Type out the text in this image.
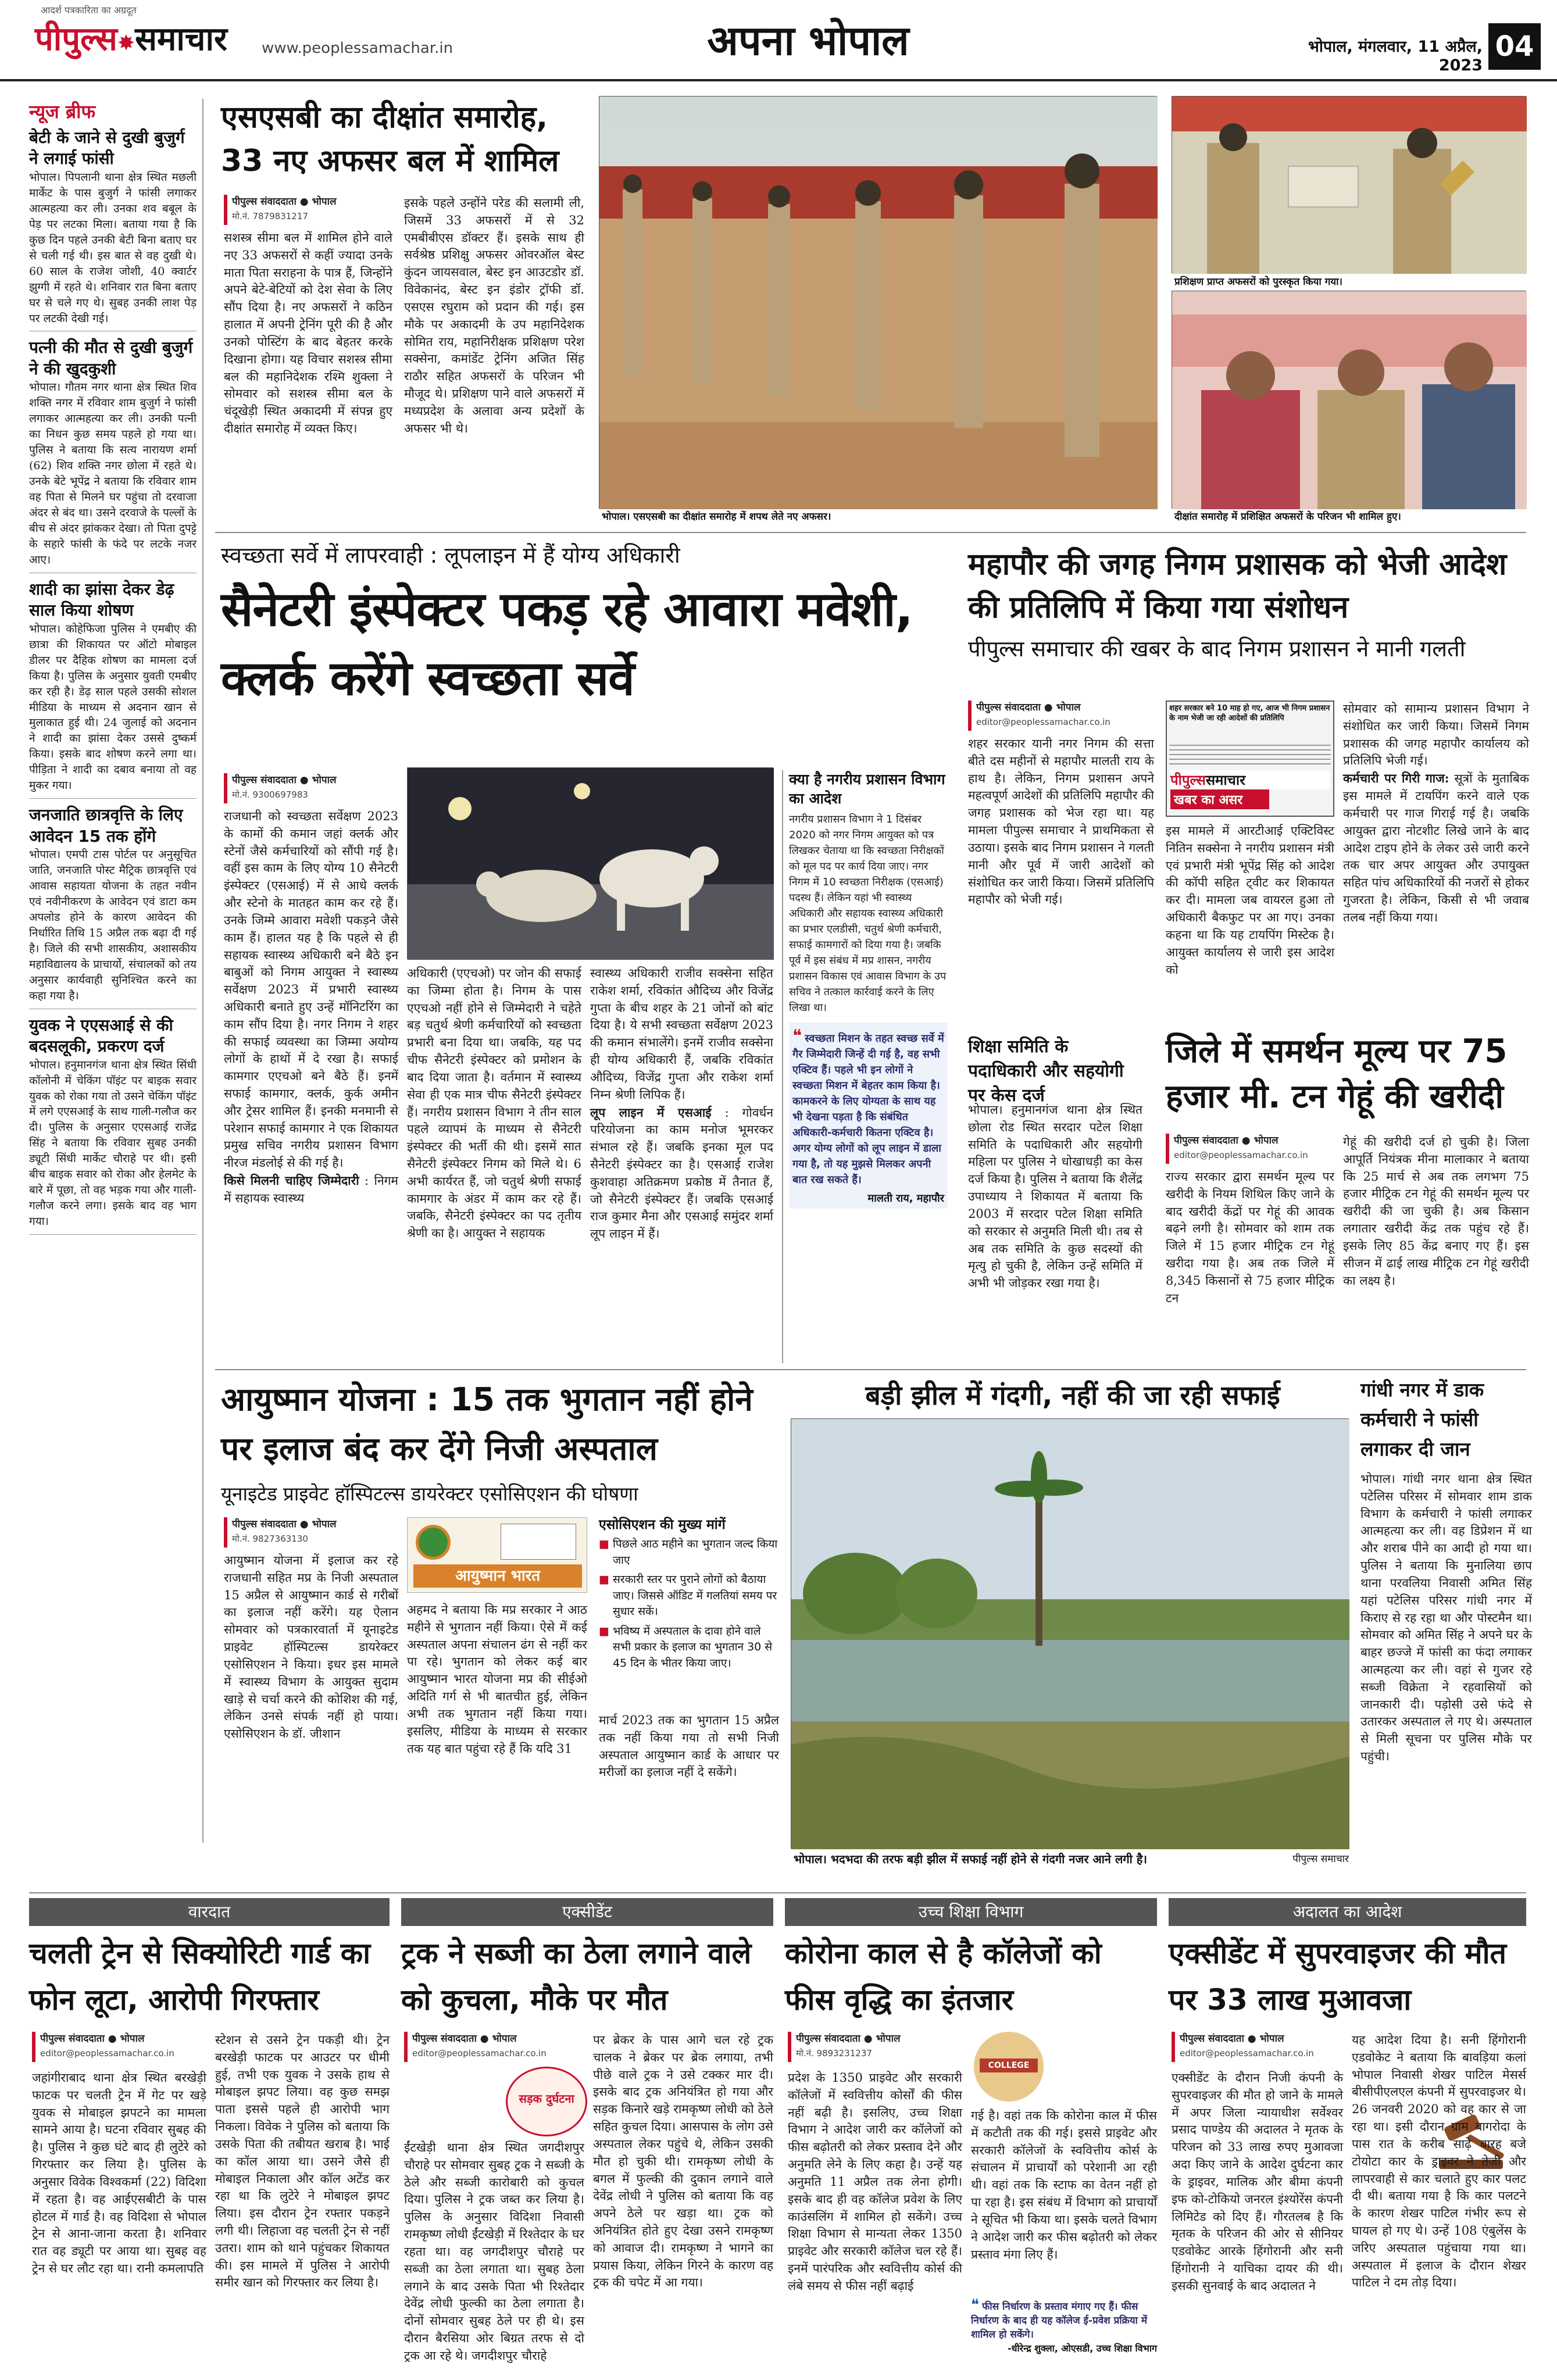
आदर्श पत्रकारिता का अग्रदूत
पीपुल्स✸समाचार	www.peoplessamachar.in	अपना भोपाल	भोपाल, मंगलवार, 11 अप्रैल, 2023
04
न्यूज ब्रीफ
बेटी के जाने से दुखी बुजुर्ग ने लगाई फांसी
भोपाल। पिपलानी थाना क्षेत्र स्थित मछली मार्केट के पास बुजुर्ग ने फांसी लगाकर आत्महत्या कर ली। उनका शव बबूल के पेड़ पर लटका मिला। बताया गया है कि कुछ दिन पहले उनकी बेटी बिना बताए घर से चली गई थी। इस बात से वह दुखी थे। 60 साल के राजेश जोशी, 40 क्वार्टर झुग्गी में रहते थे। शनिवार रात बिना बताए घर से चले गए थे। सुबह उनकी लाश पेड़ पर लटकी देखी गई।
पत्नी की मौत से दुखी बुजुर्ग ने की खुदकुशी
भोपाल। गौतम नगर थाना क्षेत्र स्थित शिव शक्ति नगर में रविवार शाम बुजुर्ग ने फांसी लगाकर आत्महत्या कर ली। उनकी पत्नी का निधन कुछ समय पहले हो गया था। पुलिस ने बताया कि सत्य नारायण शर्मा (62) शिव शक्ति नगर छोला में रहते थे। उनके बेटे भूपेंद्र ने बताया कि रविवार शाम वह पिता से मिलने घर पहुंचा तो दरवाजा अंदर से बंद था। उसने दरवाजे के पल्लों के बीच से अंदर झांककर देखा। तो पिता दुपट्टे के सहारे फांसी के फंदे पर लटके नजर आए।
शादी का झांसा देकर डेढ़ साल किया शोषण
भोपाल। कोहेफिजा पुलिस ने एमबीए की छात्रा की शिकायत पर ऑटो मोबाइल डीलर पर दैहिक शोषण का मामला दर्ज किया है। पुलिस के अनुसार युवती एमबीए कर रही है। डेढ़ साल पहले उसकी सोशल मीडिया के माध्यम से अदनान खान से मुलाकात हुई थी। 24 जुलाई को अदनान ने शादी का झांसा देकर उससे दुष्कर्म किया। इसके बाद शोषण करने लगा था। पीड़िता ने शादी का दबाव बनाया तो वह मुकर गया।
जनजाति छात्रवृत्ति के लिए आवेदन 15 तक होंगे
भोपाल। एमपी टास पोर्टल पर अनुसूचित जाति, जनजाति पोस्ट मैट्रिक छात्रवृत्ति एवं आवास सहायता योजना के तहत नवीन एवं नवीनीकरण के आवेदन एवं डाटा कम अपलोड होने के कारण आवेदन की निर्धारित तिथि 15 अप्रैल तक बढ़ा दी गई है। जिले की सभी शासकीय, अशासकीय महाविद्यालय के प्राचार्यो, संचालकों को तय अनुसार कार्यवाही सुनिश्चित करने का कहा गया है।
युवक ने एएसआई से की बदसलूकी, प्रकरण दर्ज
भोपाल। हनुमानगंज थाना क्षेत्र स्थित सिंधी कॉलोनी में चेकिंग पॉइंट पर बाइक सवार युवक को रोका गया तो उसने चेकिंग पॉइंट में लगे एएसआई के साथ गाली-गलौज कर दी। पुलिस के अनुसार एएसआई राजेंद्र सिंह ने बताया कि रविवार सुबह उनकी ड्यूटी सिंधी मार्केट चौराहे पर थी। इसी बीच बाइक सवार को रोका और हेलमेट के बारे में पूछा, तो वह भड़क गया और गाली-गलौज करने लगा। इसके बाद वह भाग गया।
एसएसबी का दीक्षांत समारोह, 33 नए अफसर बल में शामिल
पीपुल्स संवाददाता ● भोपाल
मो.नं. 7879831217
सशस्त्र सीमा बल में शामिल होने वाले नए 33 अफसरों से कहीं ज्यादा उनके माता पिता सराहना के पात्र हैं, जिन्होंने अपने बेटे-बेटियों को देश सेवा के लिए सौंप दिया है। नए अफसरों ने कठिन हालात में अपनी ट्रेनिंग पूरी की है और उनको पोस्टिंग के बाद बेहतर करके दिखाना होगा। यह विचार सशस्त्र सीमा बल की महानिदेशक रश्मि शुक्ला ने सोमवार को सशस्त्र सीमा बल के चंदूखेड़ी स्थित अकादमी में संपन्न हुए दीक्षांत समारोह में व्यक्त किए।
इसके पहले उन्होंने परेड की सलामी ली, जिसमें 33 अफसरों में से 32 एमबीबीएस डॉक्टर हैं। इसके साथ ही सर्वश्रेष्ठ प्रशिक्षु अफसर ओवरऑल बेस्ट कुंदन जायसवाल, बेस्ट इन आउटडोर डॉ. विवेकानंद, बेस्ट इन इंडोर ट्रॉफी डॉ. एसएस रघुराम को प्रदान की गई। इस मौके पर अकादमी के उप महानिदेशक सोमित राय, महानिरीक्षक प्रशिक्षण परेश सक्सेना, कमांडेंट ट्रेनिंग अजित सिंह राठौर सहित अफसरों के परिजन भी मौजूद थे। प्रशिक्षण पाने वाले अफसरों में मध्यप्रदेश के अलावा अन्य प्रदेशों के अफसर भी थे।
भोपाल। एसएसबी का दीक्षांत समारोह में शपथ लेते नए अफसर।
प्रशिक्षण प्राप्त अफसरों को पुरस्कृत किया गया।
दीक्षांत समारोह में प्रशिक्षित अफसरों के परिजन भी शामिल हुए।
स्वच्छता सर्वे में लापरवाही : लूपलाइन में हैं योग्य अधिकारी
सैनेटरी इंस्पेक्टर पकड़ रहे आवारा मवेशी, क्लर्क करेंगे स्वच्छता सर्वे
पीपुल्स संवाददाता ● भोपाल
मो.नं. 9300697983
राजधानी को स्वच्छता सर्वेक्षण 2023 के कामों की कमान जहां क्लर्क और स्टेनों जैसे कर्मचारियों को सौंपी गई है। वहीं इस काम के लिए योग्य 10 सैनेटरी इंस्पेक्टर (एसआई) में से आधे क्लर्क और स्टेनो के मातहत काम कर रहे हैं। उनके जिम्मे आवारा मवेशी पकड़ने जैसे काम हैं। हालत यह है कि पहले से ही सहायक स्वास्थ्य अधिकारी बने बैठे इन बाबुओं को निगम आयुक्त ने स्वास्थ्य सर्वेक्षण 2023 में प्रभारी स्वास्थ्य अधिकारी बनाते हुए उन्हें मॉनिटरिंग का काम सौंप दिया है। नगर निगम ने शहर की सफाई व्यवस्था का जिम्मा अयोग्य लोगों के हाथों में दे रखा है। सफाई कामगार एएचओ बने बैठे हैं। इनमें सफाई कामगार, क्लर्क, कुर्क अमीन और ट्रेसर शामिल हैं। इनकी मनमानी से परेशान सफाई कामगार ने एक शिकायत प्रमुख सचिव नगरीय प्रशासन विभाग नीरज मंडलोई से की गई है।
किसे मिलनी चाहिए जिम्मेदारी : निगम में सहायक स्वास्थ्य
अधिकारी (एएचओ) पर जोन की सफाई का जिम्मा होता है। निगम के पास एएचओ नहीं होने से जिम्मेदारी ने चहेते बड़ चतुर्थ श्रेणी कर्मचारियों को स्वच्छता प्रभारी बना दिया था। जबकि, यह पद चीफ सैनेटरी इंस्पेक्टर को प्रमोशन के बाद दिया जाता है। वर्तमान में स्वास्थ्य सेवा ही एक मात्र चीफ सैनेटरी इंस्पेक्टर हैं। नगरीय प्रशासन विभाग ने तीन साल पहले व्यापमं के माध्यम से सैनेटरी इंस्पेक्टर की भर्ती की थी। इसमें सात सैनेटरी इंस्पेक्टर निगम को मिले थे। 6 अभी कार्यरत हैं, जो चतुर्थ श्रेणी सफाई कामगार के अंडर में काम कर रहे हैं। जबकि, सैनेटरी इंस्पेक्टर का पद तृतीय श्रेणी का है। आयुक्त ने सहायक
स्वास्थ्य अधिकारी राजीव सक्सेना सहित राकेश शर्मा, रविकांत औदिच्य और विजेंद्र गुप्ता के बीच शहर के 21 जोनों को बांट दिया है। ये सभी स्वच्छता सर्वेक्षण 2023 की कमान संभालेंगे। इनमें राजीव सक्सेना ही योग्य अधिकारी हैं, जबकि रविकांत औदिच्य, विजेंद्र गुप्ता और राकेश शर्मा निम्न श्रेणी लिपिक हैं।
लूप लाइन में एसआई : गोवर्धन परियोजना का काम मनोज भूमरकर संभाल रहे हैं। जबकि इनका मूल पद सैनेटरी इंस्पेक्टर का है। एसआई राजेश कुशवाहा अतिक्रमण प्रकोष्ठ में तैनात हैं, जो सैनेटरी इंस्पेक्टर हैं। जबकि एसआई राज कुमार मैना और एसआई समुंदर शर्मा लूप लाइन में हैं।
क्या है नगरीय प्रशासन विभाग का आदेश
नगरीय प्रशासन विभाग ने 1 दिसंबर 2020 को नगर निगम आयुक्त को पत्र लिखकर चेताया था कि स्वच्छता निरीक्षकों को मूल पद पर कार्य दिया जाए। नगर निगम में 10 स्वच्छता निरीक्षक (एसआई) पदस्थ हैं। लेकिन यहां भी स्वास्थ्य अधिकारी और सहायक स्वास्थ्य अधिकारी का प्रभार एलडीसी, चतुर्थ श्रेणी कर्मचारी, सफाई कामगारों को दिया गया है। जबकि पूर्व में इस संबंध में मप्र शासन, नगरीय प्रशासन विकास एवं आवास विभाग के उप सचिव ने तत्काल कार्रवाई करने के लिए लिखा था।
❝ स्वच्छता मिशन के तहत स्वच्छ सर्वे में गैर जिम्मेदारी जिन्हें दी गई है, वह सभी एक्टिव हैं। पहले भी इन लोगों ने स्वच्छता मिशन में बेहतर काम किया है। कामकरने के लिए योग्यता के साथ यह भी देखना पड़ता है कि संबंधित अधिकारी-कर्मचारी कितना एक्टिव है। अगर योग्य लोगों को लूप लाइन में डाला गया है, तो यह मुझसे मिलकर अपनी बात रख सकते हैं।
मालती राय, महापौर
महापौर की जगह निगम प्रशासक को भेजी आदेश की प्रतिलिपि में किया गया संशोधन
पीपुल्स समाचार की खबर के बाद निगम प्रशासन ने मानी गलती
पीपुल्स संवाददाता ● भोपाल
editor@peoplessamachar.co.in
शहर सरकार यानी नगर निगम की सत्ता बीते दस महीनों से महापौर मालती राय के हाथ है। लेकिन, निगम प्रशासन अपने महत्वपूर्ण आदेशों की प्रतिलिपि महापौर की जगह प्रशासक को भेज रहा था। यह मामला पीपुल्स समाचार ने प्राथमिकता से उठाया। इसके बाद निगम प्रशासन ने गलती मानी और पूर्व में जारी आदेशों को संशोधित कर जारी किया। जिसमें प्रतिलिपि महापौर को भेजी गई।
शहर सरकार बने 10 माह हो गए, आज भी निगम प्रशासन के नाम भेजी जा रही आदेशों की प्रतिलिपि
पीपुल्ससमाचार
खबर का असर
इस मामले में आरटीआई एक्टिविस्ट नितिन सक्सेना ने नगरीय प्रशासन मंत्री एवं प्रभारी मंत्री भूपेंद्र सिंह को आदेश की कॉपी सहित ट्वीट कर शिकायत कर दी। मामला जब वायरल हुआ तो अधिकारी बैकफुट पर आ गए। उनका कहना था कि यह टायपिंग मिस्टेक है। आयुक्त कार्यालय से जारी इस आदेश को
सोमवार को सामान्य प्रशासन विभाग ने संशोधित कर जारी किया। जिसमें निगम प्रशासक की जगह महापौर कार्यालय को प्रतिलिपि भेजी गई।
कर्मचारी पर गिरी गाज: सूत्रों के मुताबिक इस मामले में टायपिंग करने वाले एक कर्मचारी पर गाज गिराई गई है। जबकि आयुक्त द्वारा नोटशीट लिखे जाने के बाद आदेश टाइप होने के लेकर उसे जारी करने तक चार अपर आयुक्त और उपायुक्त सहित पांच अधिकारियों की नजरों से होकर गुजरता है। लेकिन, किसी से भी जवाब तलब नहीं किया गया।
शिक्षा समिति के पदाधिकारी और सहयोगी पर केस दर्ज
भोपाल। हनुमानगंज थाना क्षेत्र स्थित छोला रोड स्थित सरदार पटेल शिक्षा समिति के पदाधिकारी और सहयोगी महिला पर पुलिस ने धोखाधड़ी का केस दर्ज किया है। पुलिस ने बताया कि शैलेंद्र उपाध्याय ने शिकायत में बताया कि 2003 में सरदार पटेल शिक्षा समिति को सरकार से अनुमति मिली थी। तब से अब तक समिति के कुछ सदस्यों की मृत्यु हो चुकी है, लेकिन उन्हें समिति में अभी भी जोड़कर रखा गया है।
जिले में समर्थन मूल्य पर 75 हजार मी. टन गेहूं की खरीदी
पीपुल्स संवाददाता ● भोपाल
editor@peoplessamachar.co.in
राज्य सरकार द्वारा समर्थन मूल्य पर खरीदी के नियम शिथिल किए जाने के बाद खरीदी केंद्रों पर गेहूं की आवक बढ़ने लगी है। सोमवार को शाम तक जिले में 15 हजार मीट्रिक टन गेहूं खरीदा गया है। अब तक जिले में 8,345 किसानों से 75 हजार मीट्रिक टन
गेहूं की खरीदी दर्ज हो चुकी है। जिला आपूर्ति नियंत्रक मीना मालाकार ने बताया कि 25 मार्च से अब तक लगभग 75 हजार मीट्रिक टन गेहूं की समर्थन मूल्य पर खरीदी की जा चुकी है। अब किसान लगातार खरीदी केंद्र तक पहुंच रहे हैं। इसके लिए 85 केंद्र बनाए गए हैं। इस सीजन में ढाई लाख मीट्रिक टन गेहूं खरीदी का लक्ष्य है।
आयुष्मान योजना : 15 तक भुगतान नहीं होने पर इलाज बंद कर देंगे निजी अस्पताल
यूनाइटेड प्राइवेट हॉस्पिटल्स डायरेक्टर एसोसिएशन की घोषणा
पीपुल्स संवाददाता ● भोपाल
मो.नं. 9827363130
आयुष्मान भारत
आयुष्मान योजना में इलाज कर रहे राजधानी सहित मप्र के निजी अस्पताल 15 अप्रैल से आयुष्मान कार्ड से गरीबों का इलाज नहीं करेंगे। यह ऐलान सोमवार को पत्रकारवार्ता में यूनाइटेड प्राइवेट हॉस्पिटल्स डायरेक्टर एसोसिएशन ने किया। इधर इस मामले में स्वास्थ्य विभाग के आयुक्त सुदाम खाड़े से चर्चा करने की कोशिश की गई, लेकिन उनसे संपर्क नहीं हो पाया। एसोसिएशन के डॉ. जीशान
अहमद ने बताया कि मप्र सरकार ने आठ महीने से भुगतान नहीं किया। ऐसे में कई अस्पताल अपना संचालन ढंग से नहीं कर पा रहे। भुगतान को लेकर कई बार आयुष्मान भारत योजना मप्र की सीईओ अदिति गर्ग से भी बातचीत हुई, लेकिन अभी तक भुगतान नहीं किया गया। इसलिए, मीडिया के माध्यम से सरकार तक यह बात पहुंचा रहे हैं कि यदि 31
एसोसिएशन की मुख्य मांगें
■ पिछले आठ महीने का भुगतान जल्द किया जाए
■ सरकारी स्तर पर पुराने लोगों को बैठाया जाए। जिससे ऑडिट में गलतियां समय पर सुधार सकें।
■ भविष्य में अस्पताल के दावा होने वाले सभी प्रकार के इलाज का भुगतान 30 से 45 दिन के भीतर किया जाए।
मार्च 2023 तक का भुगतान 15 अप्रैल तक नहीं किया गया तो सभी निजी अस्पताल आयुष्मान कार्ड के आधार पर मरीजों का इलाज नहीं दे सकेंगे।
बड़ी झील में गंदगी, नहीं की जा रही सफाई
भोपाल। भदभदा की तरफ बड़ी झील में सफाई नहीं होने से गंदगी नजर आने लगी है।	पीपुल्स समाचार
गांधी नगर में डाक कर्मचारी ने फांसी लगाकर दी जान
भोपाल। गांधी नगर थाना क्षेत्र स्थित पटेलिस परिसर में सोमवार शाम डाक विभाग के कर्मचारी ने फांसी लगाकर आत्महत्या कर ली। वह डिप्रेशन में था और शराब पीने का आदी हो गया था। पुलिस ने बताया कि मुनालिया छाप थाना परवलिया निवासी अमित सिंह यहां पटेलिस परिसर गांधी नगर में किराए से रह रहा था और पोस्टमैन था। सोमवार को अमित सिंह ने अपने घर के बाहर छज्जे में फांसी का फंदा लगाकर आत्महत्या कर ली। वहां से गुजर रहे सब्जी विक्रेता ने रहवासियों को जानकारी दी। पड़ोसी उसे फंदे से उतारकर अस्पताल ले गए थे। अस्पताल से मिली सूचना पर पुलिस मौके पर पहुंची।
वारदात
चलती ट्रेन से सिक्योरिटी गार्ड का फोन लूटा, आरोपी गिरफ्तार
पीपुल्स संवाददाता ● भोपाल
editor@peoplessamachar.co.in
जहांगीराबाद थाना क्षेत्र स्थित बरखेड़ी फाटक पर चलती ट्रेन में गेट पर खड़े युवक से मोबाइल झपटने का मामला सामने आया है। घटना रविवार सुबह की है। पुलिस ने कुछ घंटे बाद ही लुटेरे को गिरफ्तार कर लिया है। पुलिस के अनुसार विवेक विश्वकर्मा (22) विदिशा में रहता है। वह आईएसबीटी के पास होटल में गार्ड है। वह विदिशा से भोपाल ट्रेन से आना-जाना करता है। शनिवार रात वह ड्यूटी पर आया था। सुबह वह ट्रेन से घर लौट रहा था। रानी कमलापति
स्टेशन से उसने ट्रेन पकड़ी थी। ट्रेन बरखेड़ी फाटक पर आउटर पर धीमी हुई, तभी एक युवक ने उसके हाथ से मोबाइल झपट लिया। वह कुछ समझ पाता इससे पहले ही आरोपी भाग निकला। विवेक ने पुलिस को बताया कि उसके पिता की तबीयत खराब है। भाई का कॉल आया था। उसने जैसे ही मोबाइल निकाला और कॉल अटेंड कर रहा था कि लुटेरे ने मोबाइल झपट लिया। इस दौरान ट्रेन रफ्तार पकड़ने लगी थी। लिहाजा वह चलती ट्रेन से नहीं उतरा। शाम को थाने पहुंचकर शिकायत की। इस मामले में पुलिस ने आरोपी समीर खान को गिरफ्तार कर लिया है।
एक्सीडेंट
ट्रक ने सब्जी का ठेला लगाने वाले को कुचला, मौके पर मौत
पीपुल्स संवाददाता ● भोपाल
editor@peoplessamachar.co.in
सड़क दुर्घटना
ईंटखेड़ी थाना क्षेत्र स्थित जगदीशपुर चौराहे पर सोमवार सुबह ट्रक ने सब्जी के ठेले और सब्जी कारोबारी को कुचल दिया। पुलिस ने ट्रक जब्त कर लिया है। पुलिस के अनुसार विदिशा निवासी रामकृष्ण लोधी ईंटखेड़ी में रिश्तेदार के घर रहता था। वह जगदीशपुर चौराहे पर सब्जी का ठेला लगाता था। सुबह ठेला लगाने के बाद उसके पिता भी रिश्तेदार देवेंद्र लोधी फुल्की का ठेला लगाता है। दोनों सोमवार सुबह ठेले पर ही थे। इस दौरान बैरसिया ओर बिग्रत तरफ से दो ट्रक आ रहे थे। जगदीशपुर चौराहे
पर ब्रेकर के पास आगे चल रहे ट्रक चालक ने ब्रेकर पर ब्रेक लगाया, तभी पीछे वाले ट्रक ने उसे टक्कर मार दी। इसके बाद ट्रक अनियंत्रित हो गया और सड़क किनारे खड़े रामकृष्ण लोधी को ठेले सहित कुचल दिया। आसपास के लोग उसे अस्पताल लेकर पहुंचे थे, लेकिन उसकी मौत हो चुकी थी। रामकृष्ण लोधी के बगल में फुल्की की दुकान लगाने वाले देवेंद्र लोधी ने पुलिस को बताया कि वह अपने ठेले पर खड़ा था। ट्रक को अनियंत्रित होते हुए देखा उसने रामकृष्ण को आवाज दी। रामकृष्ण ने भागने का प्रयास किया, लेकिन गिरने के कारण वह ट्रक की चपेट में आ गया।
उच्च शिक्षा विभाग
कोरोना काल से है कॉलेजों को फीस वृद्धि का इंतजार
पीपुल्स संवाददाता ● भोपाल
मो.नं. 9893231237
प्रदेश के 1350 प्राइवेट और सरकारी कॉलेजों में स्ववित्तीय कोर्सों की फीस नहीं बढ़ी है। इसलिए, उच्च शिक्षा विभाग ने आदेश जारी कर कॉलेजों को फीस बढ़ोतरी को लेकर प्रस्ताव देने और अनुमति लेने के लिए कहा है। उन्हें यह अनुमति 11 अप्रैल तक लेना होगी। इसके बाद ही वह कॉलेज प्रवेश के लिए काउंसलिंग में शामिल हो सकेंगे। उच्च शिक्षा विभाग से मान्यता लेकर 1350 प्राइवेट और सरकारी कॉलेज चल रहे हैं। इनमें पारंपरिक और स्ववित्तीय कोर्स की लंबे समय से फीस नहीं बढ़ाई
COLLEGE
गई है। वहां तक कि कोरोना काल में फीस में कटौती तक की गई। इससे प्राइवेट और सरकारी कॉलेजों के स्ववित्तीय कोर्स के संचालन में प्राचार्यों को परेशानी आ रही थी। वहां तक कि स्टाफ का वेतन नहीं हो पा रहा है। इस संबंध में विभाग को प्राचार्यों ने सूचित भी किया था। इसके चलते विभाग ने आदेश जारी कर फीस बढ़ोतरी को लेकर प्रस्ताव मंगा लिए हैं।
❝ फीस निर्धारण के प्रस्ताव मंगाए गए हैं। फीस निर्धारण के बाद ही यह कॉलेज ई-प्रवेश प्रक्रिया में शामिल हो सकेंगे।
-धीरेन्द्र शुक्ला, ओएसडी, उच्च शिक्षा विभाग
अदालत का आदेश
एक्सीडेंट में सुपरवाइजर की मौत पर 33 लाख मुआवजा
पीपुल्स संवाददाता ● भोपाल
editor@peoplessamachar.co.in
एक्सीडेंट के दौरान निजी कंपनी के सुपरवाइजर की मौत हो जाने के मामले में अपर जिला न्यायाधीश सर्वेश्वर प्रसाद पाण्डेय की अदालत ने मृतक के परिजन को 33 लाख रुपए मुआवजा अदा किए जाने के आदेश दुर्घटना कार के ड्राइवर, मालिक और बीमा कंपनी इफ को-टोकियो जनरल इंश्योरेंस कंपनी लिमिटेड को दिए हैं। गौरतलब है कि मृतक के परिजन की ओर से सीनियर एडवोकेट आरके हिंगोरानी और सनी हिंगोरानी ने याचिका दायर की थी। इसकी सुनवाई के बाद अदालत ने
यह आदेश दिया है। सनी हिंगोरानी एडवोकेट ने बताया कि बावड़िया कलां भोपाल निवासी शेखर पाटिल मेसर्स बीसीपीएलएल कंपनी में सुपरवाइजर थे। 26 जनवरी 2020 को वह कार से जा रहा था। इसी दौरान ग्राम बागरोदा के पास रात के करीब साढ़े बारह बजे टोयोटा कार के ड्राइवर ने तेजी और लापरवाही से कार चलाते हुए कार पलट दी थी। बताया गया है कि कार पलटने के कारण शेखर पाटिल गंभीर रूप से घायल हो गए थे। उन्हें 108 एंबुलेंस के जरिए अस्पताल पहुंचाया गया था। अस्पताल में इलाज के दौरान शेखर पाटिल ने दम तोड़ दिया।
